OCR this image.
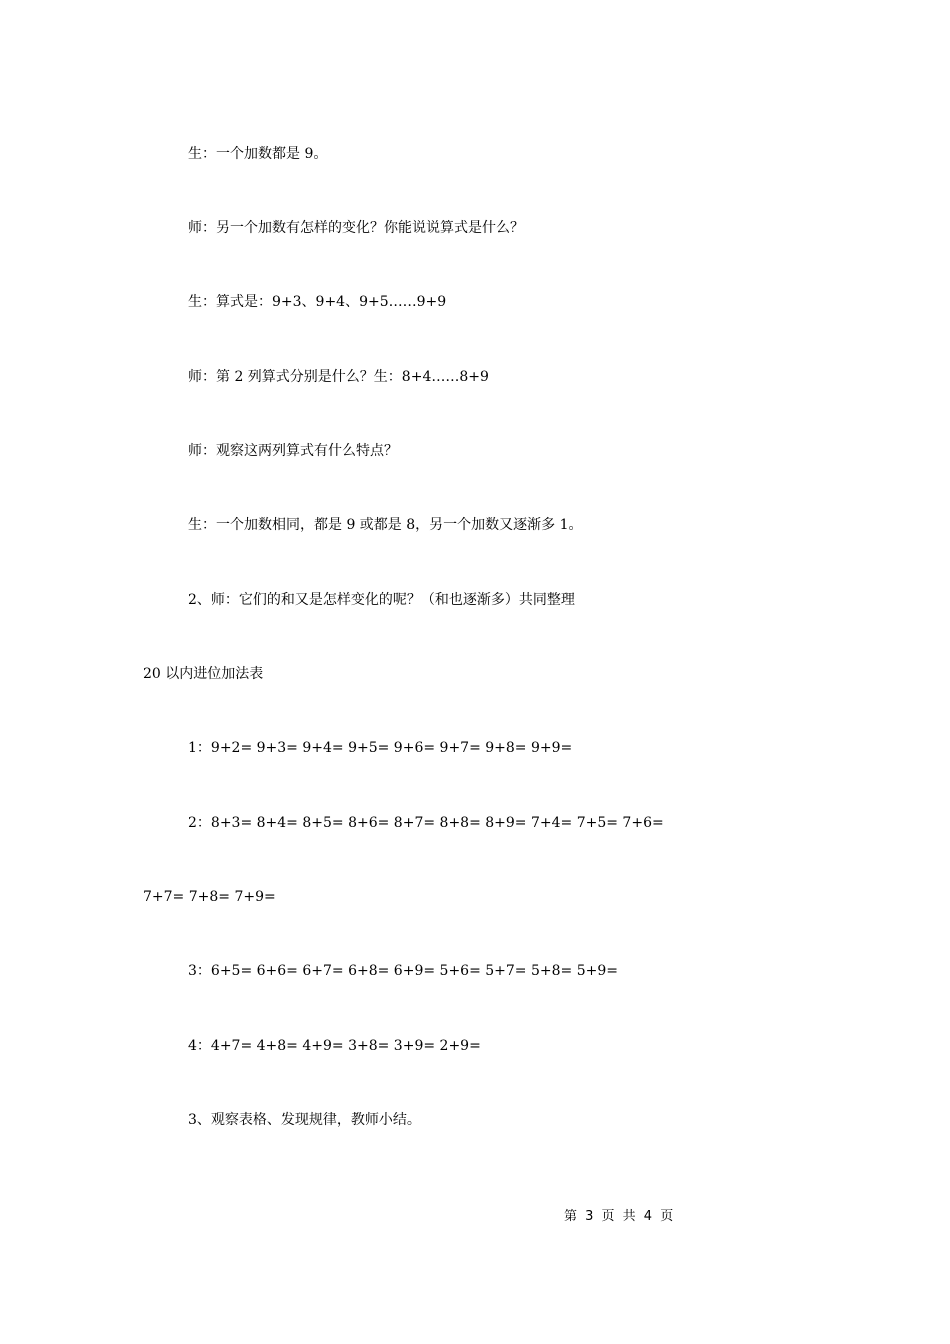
生：一个加数都是 9。
师：另一个加数有怎样的变化？你能说说算式是什么？
生：算式是：9+3、9+4、9+5……9+9
师：第 2 列算式分别是什么？生：8+4……8+9
师：观察这两列算式有什么特点？
生：一个加数相同，都是 9 或都是 8，另一个加数又逐渐多 1。
2、师：它们的和又是怎样变化的呢？（和也逐渐多）共同整理
20 以内进位加法表
1：9+2= 9+3= 9+4= 9+5= 9+6= 9+7= 9+8= 9+9=
2：8+3= 8+4= 8+5= 8+6= 8+7= 8+8= 8+9= 7+4= 7+5= 7+6=
7+7= 7+8= 7+9=
3：6+5= 6+6= 6+7= 6+8= 6+9= 5+6= 5+7= 5+8= 5+9=
4：4+7= 4+8= 4+9= 3+8= 3+9= 2+9=
3、观察表格、发现规律，教师小结。
第 3 页 共 4 页
